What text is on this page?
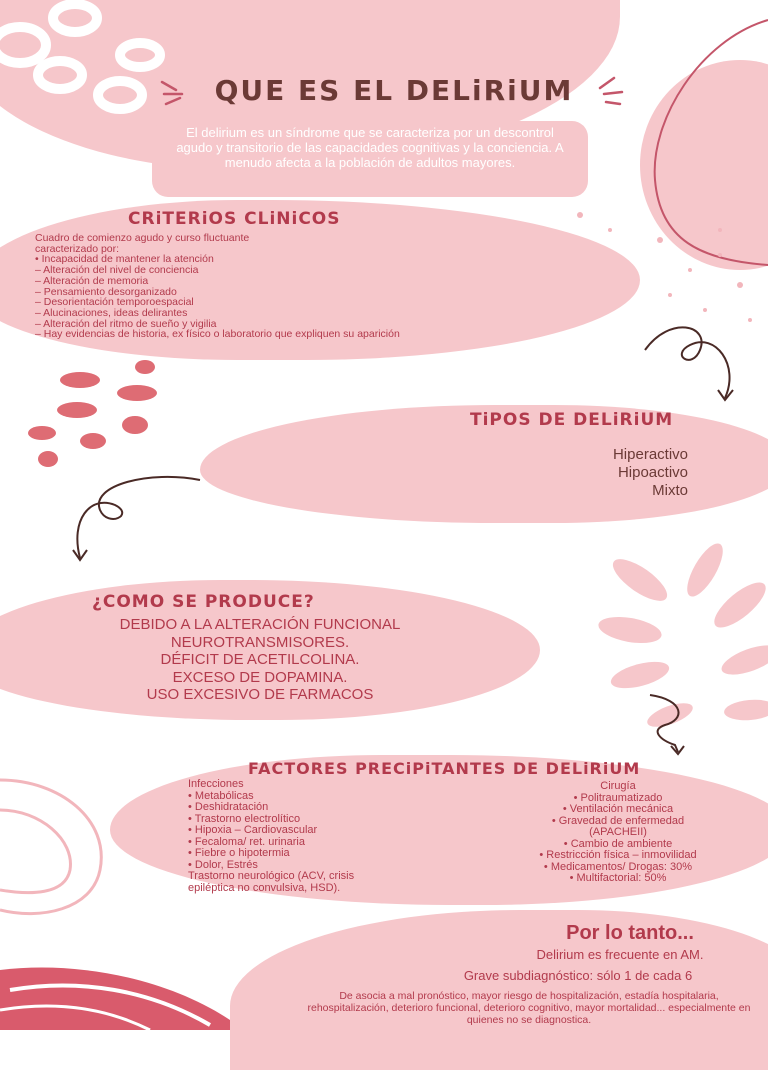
QUE ES EL DELiRiUM

El delirium es un síndrome que se caracteriza por un descontrol agudo y transitorio de las capacidades cognitivas y la conciencia. A menudo afecta a la población de adultos mayores.

CRiTERiOS CLiNiCOS
Cuadro de comienzo agudo y curso fluctuante
caracterizado por:
• Incapacidad de mantener la atención
– Alteración del nivel de conciencia
– Alteración de memoria
– Pensamiento desorganizado
– Desorientación temporoespacial
– Alucinaciones, ideas delirantes
– Alteración del ritmo de sueño y vigilia
– Hay evidencias de historia, ex físico o laboratorio que expliquen su aparición
TiPOS DE DELiRiUM
Hiperactivo
Hipoactivo
Mixto
¿COMO SE PRODUCE?
DEBIDO A LA ALTERACIÓN FUNCIONAL
NEUROTRANSMISORES.
DÉFICIT DE ACETILCOLINA.
EXCESO DE DOPAMINA.
USO EXCESIVO DE FARMACOS
FACTORES PRECiPiTANTES DE DELiRiUM
Infecciones
• Metabólicas
• Deshidratación
• Trastorno electrolítico
• Hipoxia – Cardiovascular
• Fecaloma/ ret. urinaria
• Fiebre o hipotermia
• Dolor, Estrés
Trastorno neurológico (ACV, crisis
epiléptica no convulsiva, HSD).
Cirugía
• Politraumatizado
• Ventilación mecánica
• Gravedad de enfermedad
(APACHEII)
• Cambio de ambiente
• Restricción física – inmovilidad
• Medicamentos/ Drogas: 30%
• Multifactorial: 50%
Por lo tanto...
Delirium es frecuente en AM.
Grave subdiagnóstico: sólo 1 de cada 6
De asocia a mal pronóstico, mayor riesgo de hospitalización, estadía hospitalaria, rehospitalización, deterioro funcional, deterioro cognitivo, mayor mortalidad... especialmente en quienes no se diagnostica.
